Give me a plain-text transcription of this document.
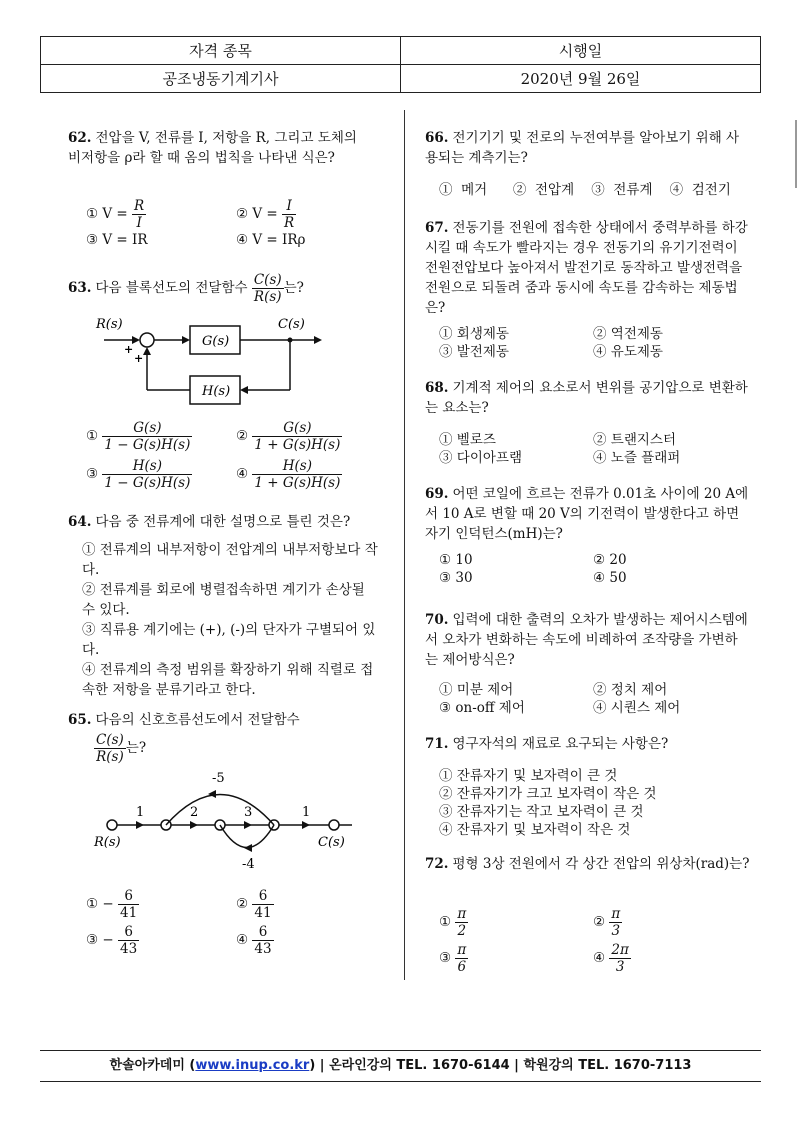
자격 종목	시행일
공조냉동기계기사	2020년 9월 26일
62. 전압을 V, 전류를 I, 저항을 R, 그리고 도체의 비저항을 ρ라 할 때 옴의 법칙을 나타낸 식은?
① $V = \frac{R}{I}$	② $V = \frac{I}{R}$
③ V = IR	④ V = IRρ
63. 다음 블록선도의 전달함수 $\frac{C(s)}{R(s)}$ 는?
R(s)	C(s)
G(s)
H(s)
+
+
① $\frac{G(s)}{1 - G(s)H(s)}$	② $\frac{G(s)}{1 + G(s)H(s)}$
③ $\frac{H(s)}{1 - G(s)H(s)}$	④ $\frac{H(s)}{1 + G(s)H(s)}$
64. 다음 중 전류계에 대한 설명으로 틀린 것은?
① 전류계의 내부저항이 전압계의 내부저항보다 작다.
② 전류계를 회로에 병렬접속하면 계기가 손상될 수 있다.
③ 직류용 계기에는 (+), (-)의 단자가 구별되어 있다.
④ 전류계의 측정 범위를 확장하기 위해 직렬로 접속한 저항을 분류기라고 한다.
65. 다음의 신호흐름선도에서 전달함수
$\frac{C(s)}{R(s)}$ 는?
1	2	3	1
-5
-4
R(s)	C(s)
① − $\frac{6}{41}$	② $\frac{6}{41}$
③ − $\frac{6}{43}$	④ $\frac{6}{43}$
66. 전기기기 및 전로의 누전여부를 알아보기 위해 사용되는 계측기는?
①  메거      ②  전압계    ③  전류계    ④  검전기
67. 전동기를 전원에 접속한 상태에서 중력부하를 하강시킬 때 속도가 빨라지는 경우 전동기의 유기기전력이 전원전압보다 높아져서 발전기로 동작하고 발생전력을 전원으로 되돌려 줌과 동시에 속도를 감속하는 제동법은?
① 회생제동	② 역전제동
③ 발전제동	④ 유도제동
68. 기계적 제어의 요소로서 변위를 공기압으로 변환하는 요소는?
① 벨로즈	② 트랜지스터
③ 다이아프램	④ 노즐 플래퍼
69. 어떤 코일에 흐르는 전류가 0.01초 사이에 20 A에서 10 A로 변할 때 20 V의 기전력이 발생한다고 하면 자기 인덕턴스(mH)는?
① 10	② 20
③ 30	④ 50
70. 입력에 대한 출력의 오차가 발생하는 제어시스템에서 오차가 변화하는 속도에 비례하여 조작량을 가변하는 제어방식은?
① 미분 제어	② 정치 제어
③ on-off 제어	④ 시퀀스 제어
71. 영구자석의 재료로 요구되는 사항은?
① 잔류자기 및 보자력이 큰 것
② 잔류자기가 크고 보자력이 작은 것
③ 잔류자기는 작고 보자력이 큰 것
④ 잔류자기 및 보자력이 작은 것
72. 평형 3상 전원에서 각 상간 전압의 위상차(rad)는?
① $\frac{\pi}{2}$	② $\frac{\pi}{3}$
③ $\frac{\pi}{6}$	④ $\frac{2\pi}{3}$
한솔아카데미 (www.inup.co.kr) | 온라인강의 TEL. 1670-6144 | 학원강의 TEL. 1670-7113
